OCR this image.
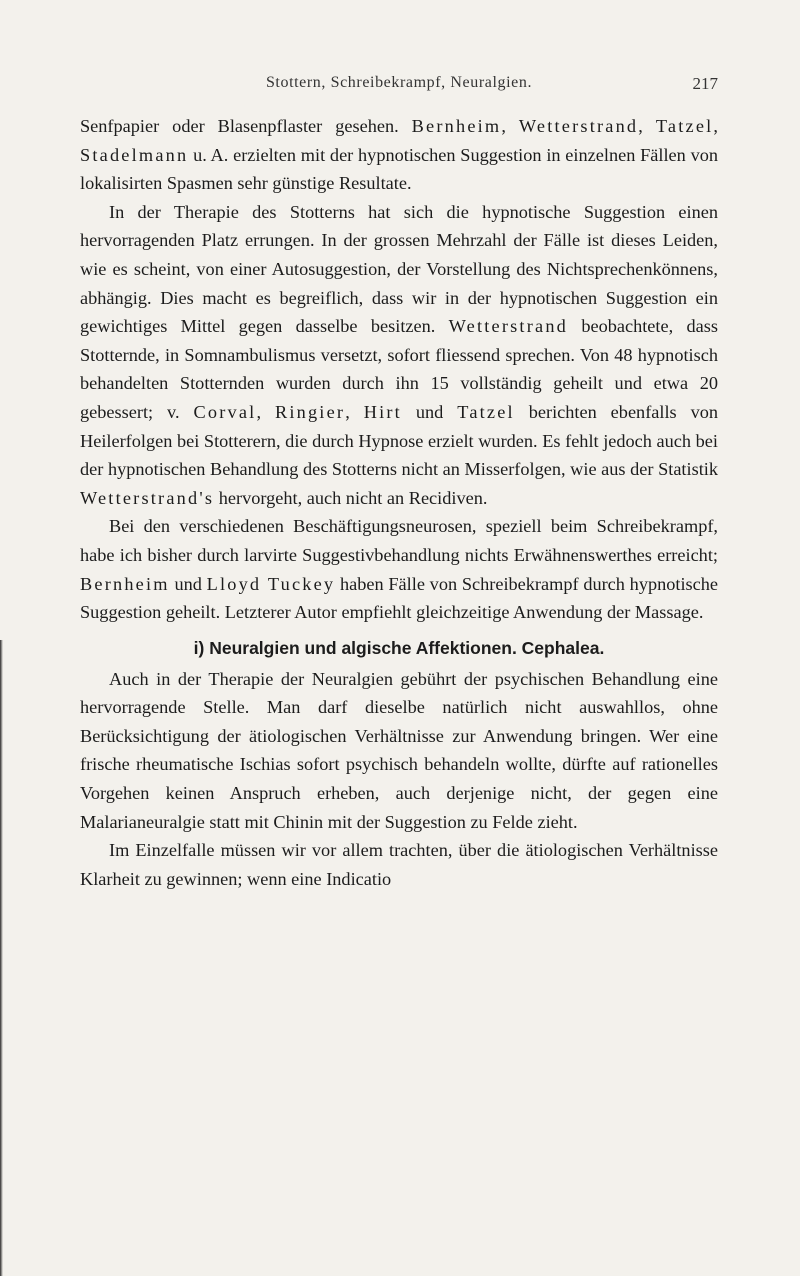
Stottern, Schreibekrampf, Neuralgien.	217

Senfpapier oder Blasenpflaster gesehen. Bernheim, Wetterstrand, Tatzel, Stadelmann u. A. erzielten mit der hypnotischen Suggestion in einzelnen Fällen von lokalisirten Spasmen sehr günstige Resultate.

In der Therapie des Stotterns hat sich die hypnotische Suggestion einen hervorragenden Platz errungen. In der grossen Mehrzahl der Fälle ist dieses Leiden, wie es scheint, von einer Autosuggestion, der Vorstellung des Nichtsprechenkönnens, abhängig. Dies macht es begreiflich, dass wir in der hypnotischen Suggestion ein gewichtiges Mittel gegen dasselbe besitzen. Wetterstrand beobachtete, dass Stotternde, in Somnambulismus versetzt, sofort fliessend sprechen. Von 48 hypnotisch behandelten Stotternden wurden durch ihn 15 vollständig geheilt und etwa 20 gebessert; v. Corval, Ringier, Hirt und Tatzel berichten ebenfalls von Heilerfolgen bei Stotterern, die durch Hypnose erzielt wurden. Es fehlt jedoch auch bei der hypnotischen Behandlung des Stotterns nicht an Misserfolgen, wie aus der Statistik Wetterstrand's hervorgeht, auch nicht an Recidiven.

Bei den verschiedenen Beschäftigungsneurosen, speziell beim Schreibekrampf, habe ich bisher durch larvirte Suggestivbehandlung nichts Erwähnenswerthes erreicht; Bernheim und Lloyd Tuckey haben Fälle von Schreibekrampf durch hypnotische Suggestion geheilt. Letzterer Autor empfiehlt gleichzeitige Anwendung der Massage.

i) Neuralgien und algische Affektionen. Cephalea.

Auch in der Therapie der Neuralgien gebührt der psychischen Behandlung eine hervorragende Stelle. Man darf dieselbe natürlich nicht auswahllos, ohne Berücksichtigung der ätiologischen Verhältnisse zur Anwendung bringen. Wer eine frische rheumatische Ischias sofort psychisch behandeln wollte, dürfte auf rationelles Vorgehen keinen Anspruch erheben, auch derjenige nicht, der gegen eine Malarianeuralgie statt mit Chinin mit der Suggestion zu Felde zieht.

Im Einzelfalle müssen wir vor allem trachten, über die ätiologischen Verhältnisse Klarheit zu gewinnen; wenn eine Indicatio
